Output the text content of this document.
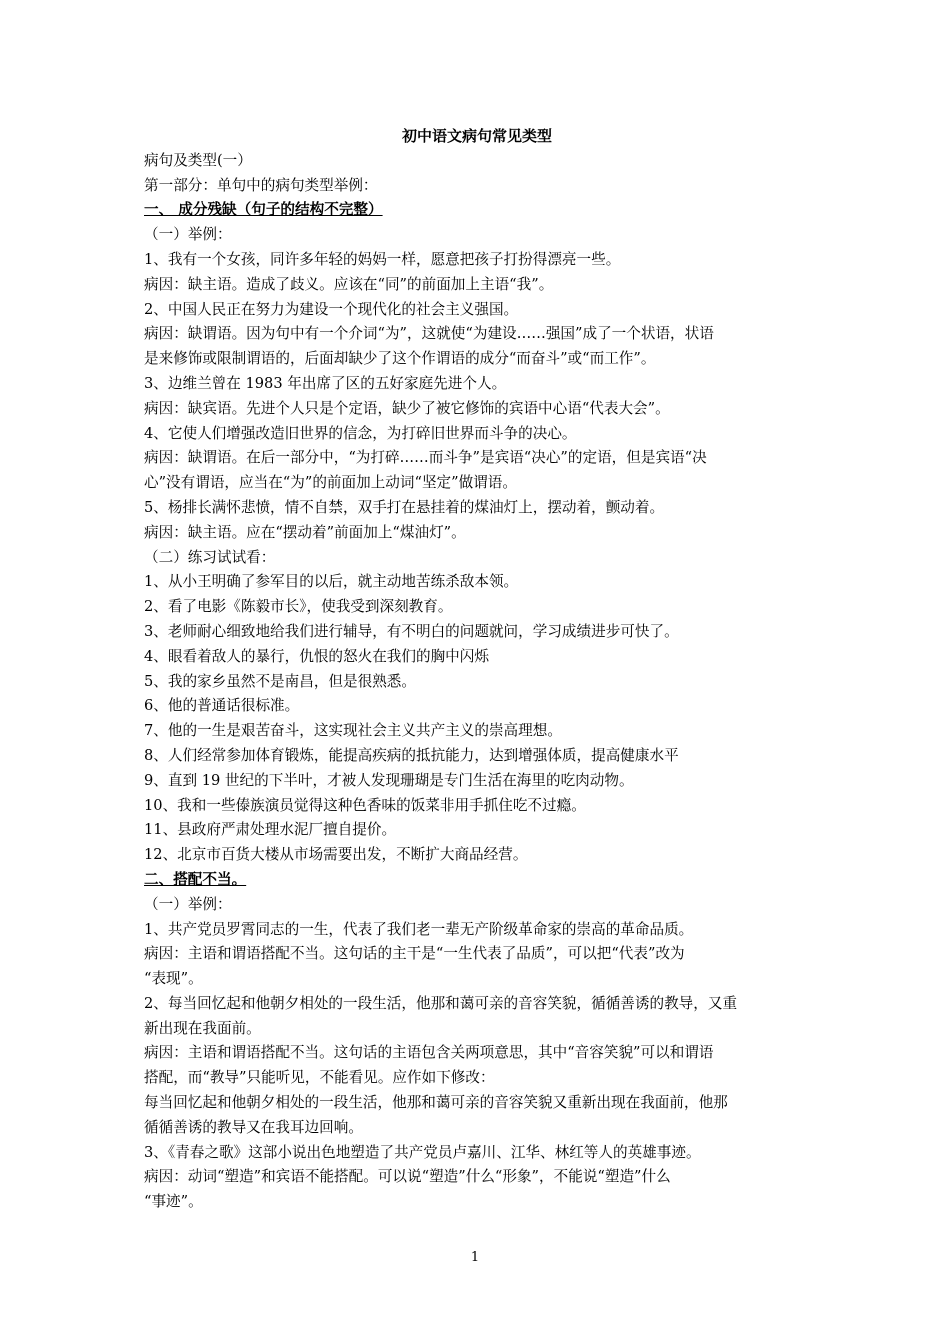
初中语文病句常见类型
病句及类型(一）
第一部分：单句中的病句类型举例：
一、 成分残缺（句子的结构不完整）
（一）举例：
1、我有一个女孩，同许多年轻的妈妈一样，愿意把孩子打扮得漂亮一些。
病因：缺主语。造成了歧义。应该在“同”的前面加上主语“我”。
2、中国人民正在努力为建设一个现代化的社会主义强国。
病因：缺谓语。因为句中有一个介词“为”，这就使“为建设……强国”成了一个状语，状语
是来修饰或限制谓语的，后面却缺少了这个作谓语的成分“而奋斗”或“而工作”。
3、边维兰曾在 1983 年出席了区的五好家庭先进个人。
病因：缺宾语。先进个人只是个定语，缺少了被它修饰的宾语中心语“代表大会”。
4、它使人们增强改造旧世界的信念，为打碎旧世界而斗争的决心。
病因：缺谓语。在后一部分中，“为打碎……而斗争”是宾语“决心”的定语，但是宾语“决
心”没有谓语，应当在“为”的前面加上动词“坚定”做谓语。
5、杨排长满怀悲愤，情不自禁，双手打在悬挂着的煤油灯上，摆动着，颤动着。
病因：缺主语。应在“摆动着”前面加上“煤油灯”。
（二）练习试试看：
1、从小王明确了参军目的以后，就主动地苦练杀敌本领。
2、看了电影《陈毅市长》，使我受到深刻教育。
3、老师耐心细致地给我们进行辅导，有不明白的问题就问，学习成绩进步可快了。
4、眼看着敌人的暴行，仇恨的怒火在我们的胸中闪烁
5、我的家乡虽然不是南昌，但是很熟悉。
6、他的普通话很标准。
7、他的一生是艰苦奋斗，这实现社会主义共产主义的崇高理想。
8、人们经常参加体育锻炼，能提高疾病的抵抗能力，达到增强体质，提高健康水平
9、直到 19 世纪的下半叶，才被人发现珊瑚是专门生活在海里的吃肉动物。
10、我和一些傣族演员觉得这种色香味的饭菜非用手抓住吃不过瘾。
11、县政府严肃处理水泥厂擅自提价。
12、北京市百货大楼从市场需要出发，不断扩大商品经营。
二、搭配不当。
（一）举例：
1、共产党员罗霄同志的一生，代表了我们老一辈无产阶级革命家的崇高的革命品质。
病因：主语和谓语搭配不当。这句话的主干是“一生代表了品质”，可以把“代表”改为
“表现”。
2、每当回忆起和他朝夕相处的一段生活，他那和蔼可亲的音容笑貌，循循善诱的教导，又重
新出现在我面前。
病因：主语和谓语搭配不当。这句话的主语包含关两项意思，其中“音容笑貌”可以和谓语
搭配，而“教导”只能听见，不能看见。应作如下修改：
每当回忆起和他朝夕相处的一段生活，他那和蔼可亲的音容笑貌又重新出现在我面前，他那
循循善诱的教导又在我耳边回响。
3、《青春之歌》这部小说出色地塑造了共产党员卢嘉川、江华、林红等人的英雄事迹。
病因：动词“塑造”和宾语不能搭配。可以说“塑造”什么“形象”，不能说“塑造”什么
“事迹”。
1
